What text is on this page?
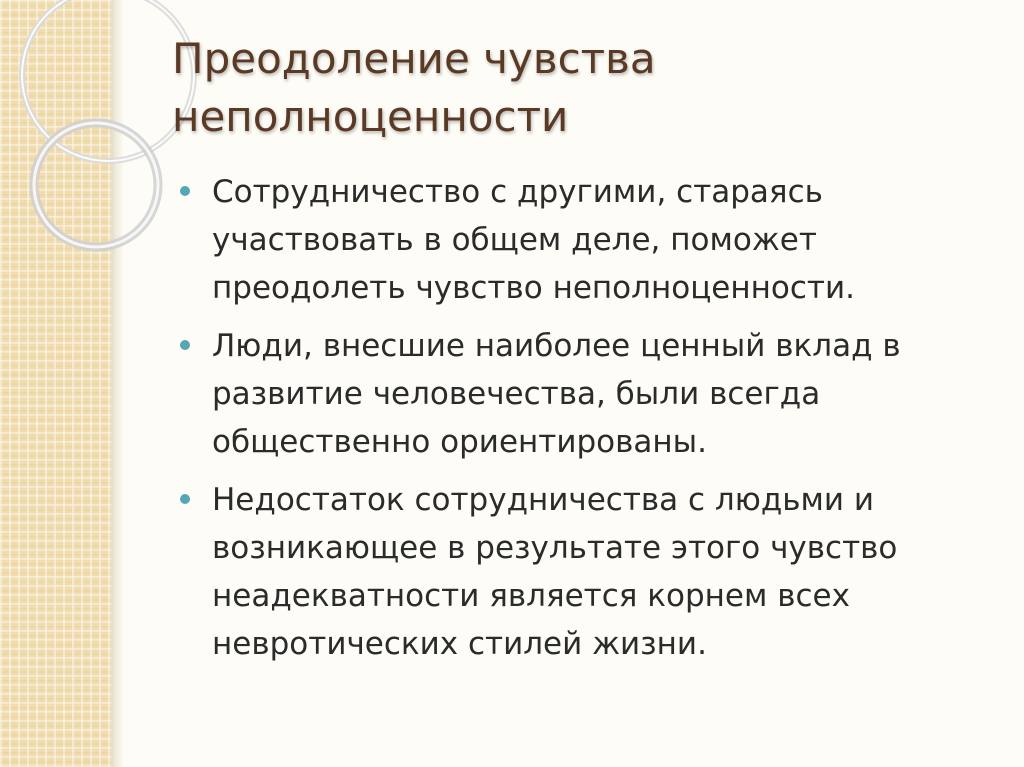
Преодоление чувства
неполноценности
Сотрудничество с другими, стараясь
участвовать в общем деле, поможет
преодолеть чувство неполноценности.
Люди, внесшие наиболее ценный вклад в
развитие человечества, были всегда
общественно ориентированы.
Недостаток сотрудничества с людьми и
возникающее в результате этого чувство
неадекватности является корнем всех
невротических стилей жизни.
